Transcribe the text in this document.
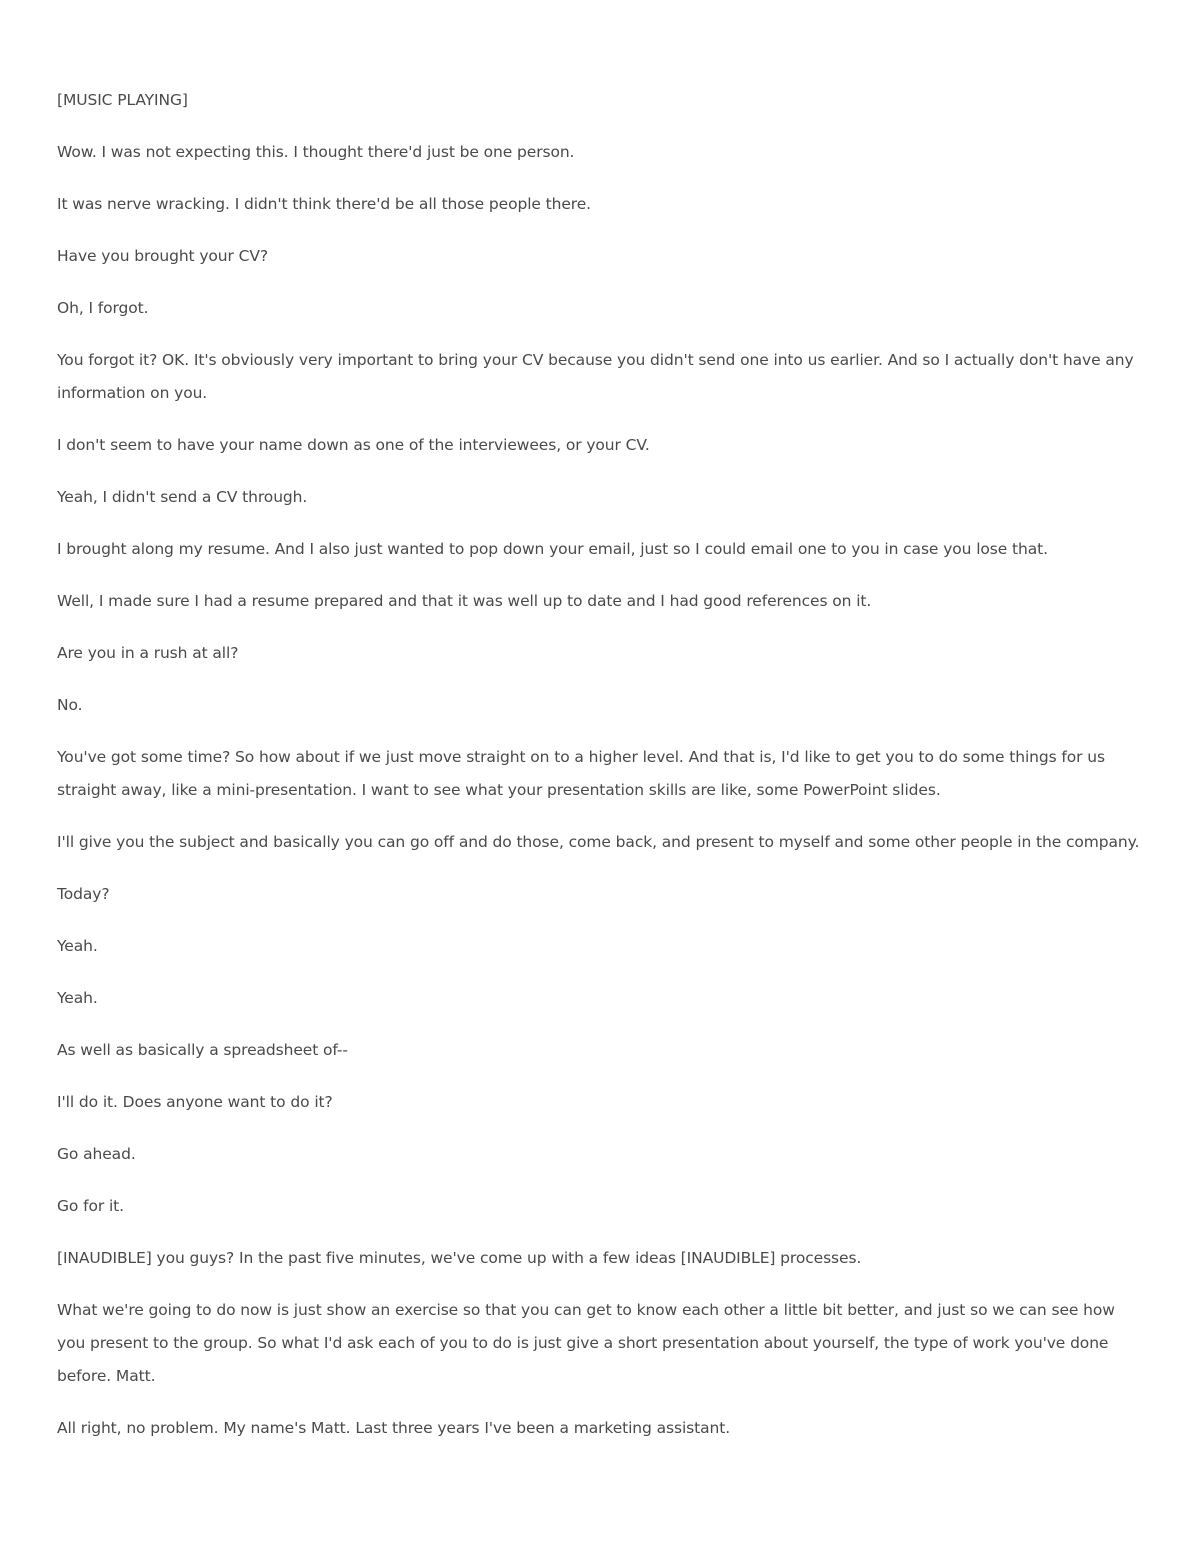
[MUSIC PLAYING]

Wow. I was not expecting this. I thought there'd just be one person.

It was nerve wracking. I didn't think there'd be all those people there.

Have you brought your CV?

Oh, I forgot.

You forgot it? OK. It's obviously very important to bring your CV because you didn't send one into us earlier. And so I actually don't have any information on you.

I don't seem to have your name down as one of the interviewees, or your CV.

Yeah, I didn't send a CV through.

I brought along my resume. And I also just wanted to pop down your email, just so I could email one to you in case you lose that.

Well, I made sure I had a resume prepared and that it was well up to date and I had good references on it.

Are you in a rush at all?

No.

You've got some time? So how about if we just move straight on to a higher level. And that is, I'd like to get you to do some things for us straight away, like a mini-presentation. I want to see what your presentation skills are like, some PowerPoint slides.

I'll give you the subject and basically you can go off and do those, come back, and present to myself and some other people in the company.

Today?

Yeah.

Yeah.

As well as basically a spreadsheet of--

I'll do it. Does anyone want to do it?

Go ahead.

Go for it.

[INAUDIBLE] you guys? In the past five minutes, we've come up with a few ideas [INAUDIBLE] processes.

What we're going to do now is just show an exercise so that you can get to know each other a little bit better, and just so we can see how you present to the group. So what I'd ask each of you to do is just give a short presentation about yourself, the type of work you've done before. Matt.

All right, no problem. My name's Matt. Last three years I've been a marketing assistant.
